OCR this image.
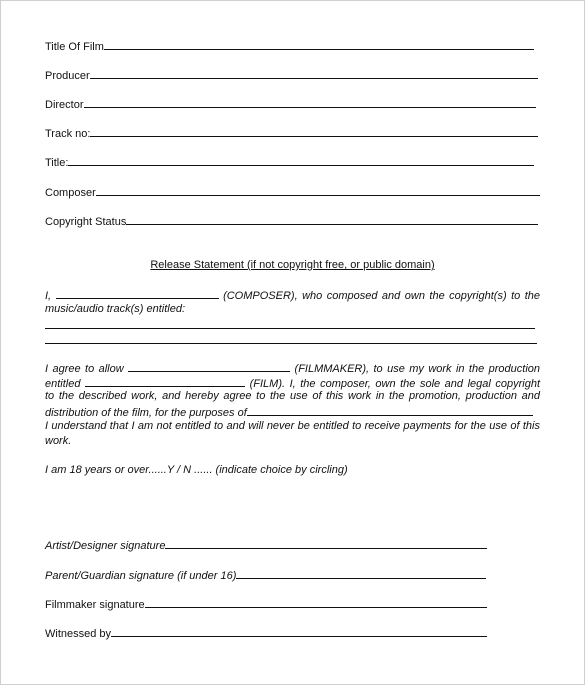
Title Of Film
Producer
Director
Track no:
Title:
Composer
Copyright Status
Release Statement (if not copyright free, or public domain)
I,	(COMPOSER), who composed and own the copyright(s) to the
music/audio track(s) entitled:
I agree to allow	(FILMMAKER), to use my work in the production
entitled	(FILM). I, the composer, own the sole and legal copyright
to the described work, and hereby agree to the use of this work in the promotion, production and
distribution of the film, for the purposes of
I understand that I am not entitled to and will never be entitled to receive payments for the use of this
work.
I am 18 years or over......Y / N ...... (indicate choice by circling)
Artist/Designer signature
Parent/Guardian signature (if under 16)
Filmmaker signature
Witnessed by
